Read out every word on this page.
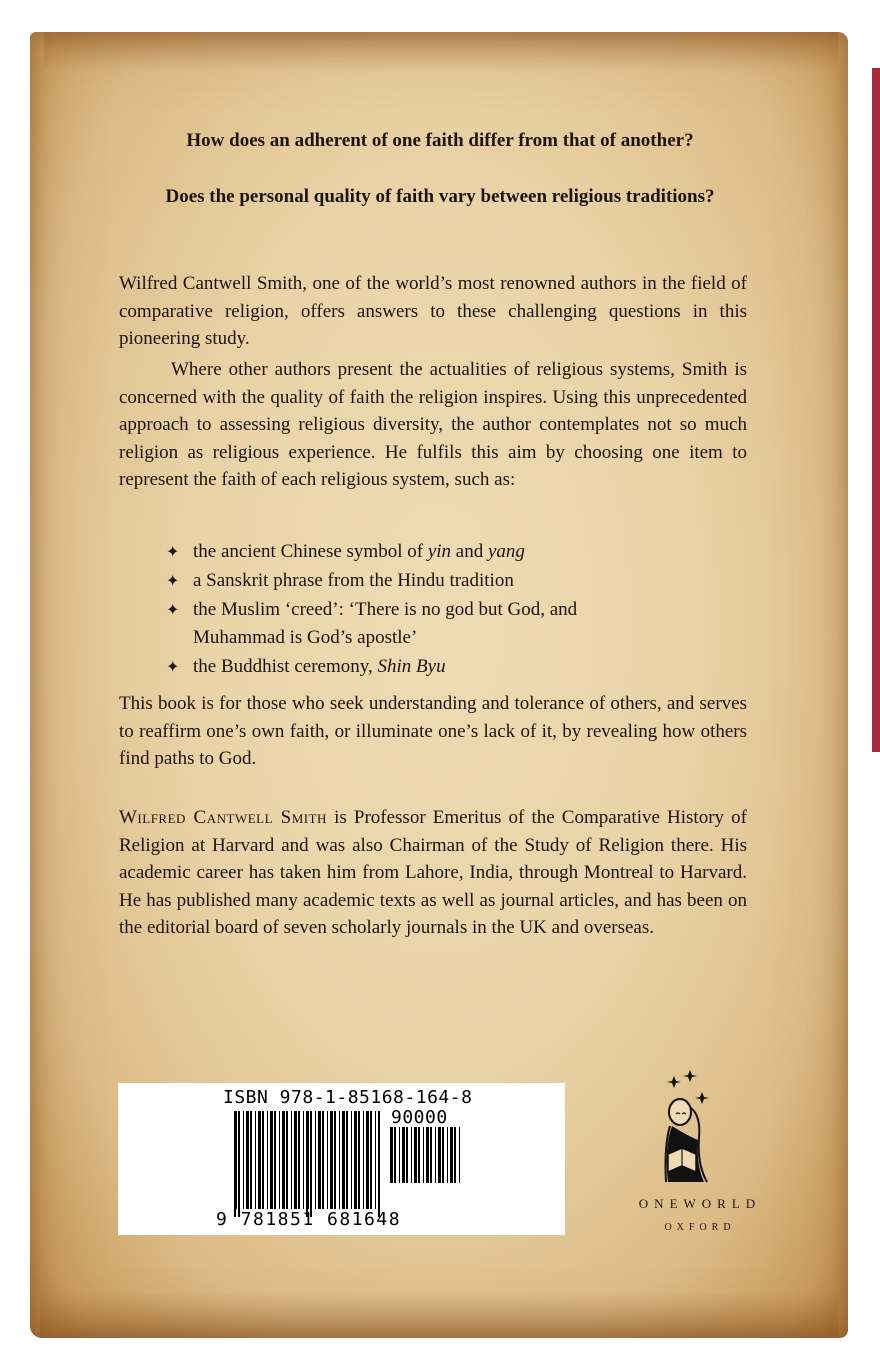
How does an adherent of one faith differ from that of another?

Does the personal quality of faith vary between religious traditions?

Wilfred Cantwell Smith, one of the world’s most renowned authors in the field of comparative religion, offers answers to these challenging questions in this pioneering study.

Where other authors present the actualities of religious systems, Smith is concerned with the quality of faith the religion inspires. Using this unprecedented approach to assessing religious diversity, the author contemplates not so much religion as religious experience. He fulfils this aim by choosing one item to represent the faith of each religious system, such as:

✦ the ancient Chinese symbol of yin and yang
✦ a Sanskrit phrase from the Hindu tradition
✦ the Muslim ‘creed’: ‘There is no god but God, and Muhammad is God’s apostle’
✦ the Buddhist ceremony, Shin Byu

This book is for those who seek understanding and tolerance of others, and serves to reaffirm one’s own faith, or illuminate one’s lack of it, by revealing how others find paths to God.

Wilfred Cantwell Smith is Professor Emeritus of the Comparative History of Religion at Harvard and was also Chairman of the Study of Religion there. His academic career has taken him from Lahore, India, through Montreal to Harvard. He has published many academic texts as well as journal articles, and has been on the editorial board of seven scholarly journals in the UK and overseas.

ISBN 978-1-85168-164-8
90000
9 781851 681648
ONEWORLD
OXFORD
